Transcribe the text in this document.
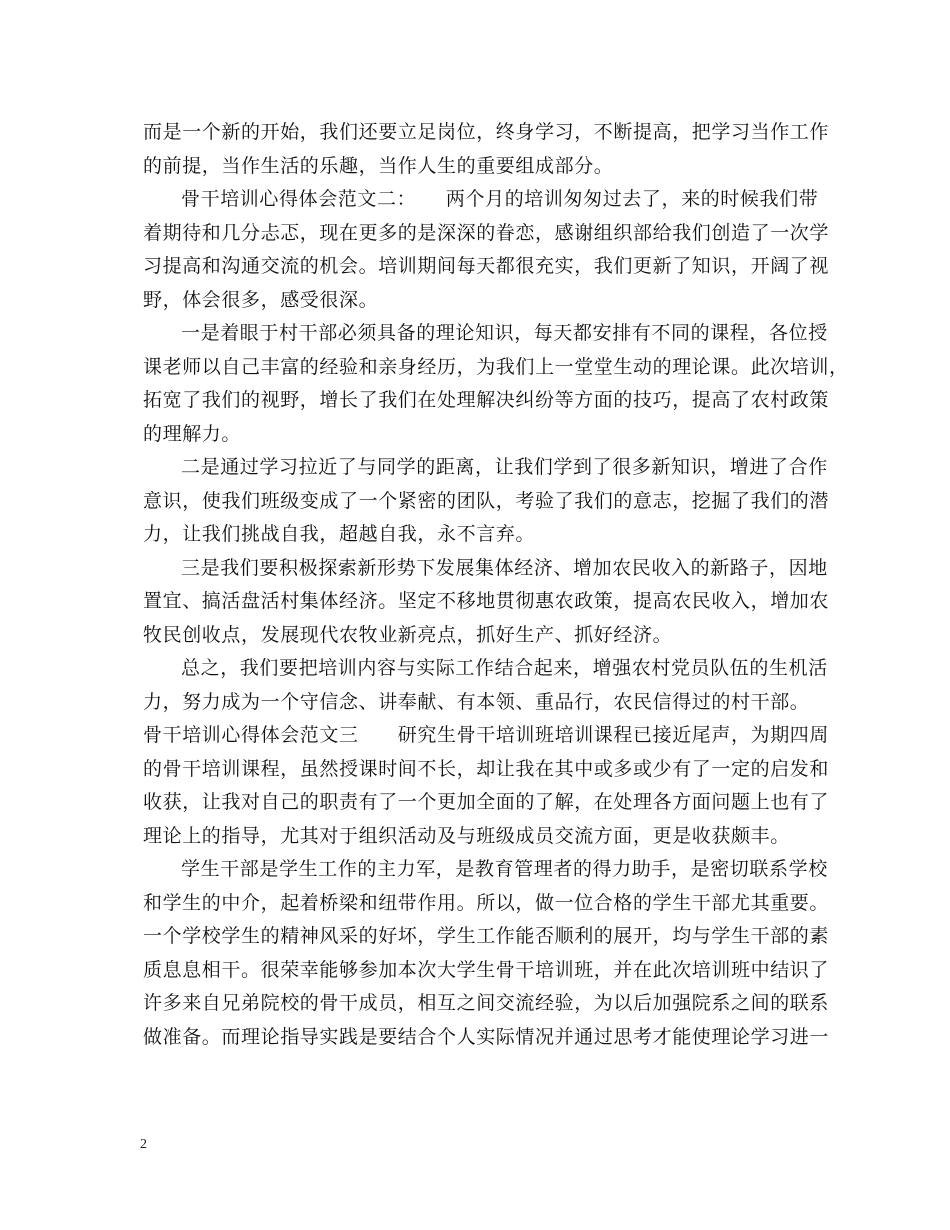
而是一个新的开始，我们还要立足岗位，终身学习，不断提高，把学习当作工作
的前提，当作生活的乐趣，当作人生的重要组成部分。
骨干培训心得体会范文二：　　两个月的培训匆匆过去了，来的时候我们带
着期待和几分忐忑，现在更多的是深深的眷恋，感谢组织部给我们创造了一次学
习提高和沟通交流的机会。培训期间每天都很充实，我们更新了知识，开阔了视
野，体会很多，感受很深。
一是着眼于村干部必须具备的理论知识，每天都安排有不同的课程，各位授
课老师以自己丰富的经验和亲身经历，为我们上一堂堂生动的理论课。此次培训，
拓宽了我们的视野，增长了我们在处理解决纠纷等方面的技巧，提高了农村政策
的理解力。
二是通过学习拉近了与同学的距离，让我们学到了很多新知识，增进了合作
意识，使我们班级变成了一个紧密的团队，考验了我们的意志，挖掘了我们的潜
力，让我们挑战自我，超越自我，永不言弃。
三是我们要积极探索新形势下发展集体经济、增加农民收入的新路子，因地
置宜、搞活盘活村集体经济。坚定不移地贯彻惠农政策，提高农民收入，增加农
牧民创收点，发展现代农牧业新亮点，抓好生产、抓好经济。
总之，我们要把培训内容与实际工作结合起来，增强农村党员队伍的生机活
力，努力成为一个守信念、讲奉献、有本领、重品行，农民信得过的村干部。
骨干培训心得体会范文三　　研究生骨干培训班培训课程已接近尾声，为期四周
的骨干培训课程，虽然授课时间不长，却让我在其中或多或少有了一定的启发和
收获，让我对自己的职责有了一个更加全面的了解，在处理各方面问题上也有了
理论上的指导，尤其对于组织活动及与班级成员交流方面，更是收获颇丰。
学生干部是学生工作的主力军，是教育管理者的得力助手，是密切联系学校
和学生的中介，起着桥梁和纽带作用。所以，做一位合格的学生干部尤其重要。
一个学校学生的精神风采的好坏，学生工作能否顺利的展开，均与学生干部的素
质息息相干。很荣幸能够参加本次大学生骨干培训班，并在此次培训班中结识了
许多来自兄弟院校的骨干成员，相互之间交流经验，为以后加强院系之间的联系
做准备。而理论指导实践是要结合个人实际情况并通过思考才能使理论学习进一
2
